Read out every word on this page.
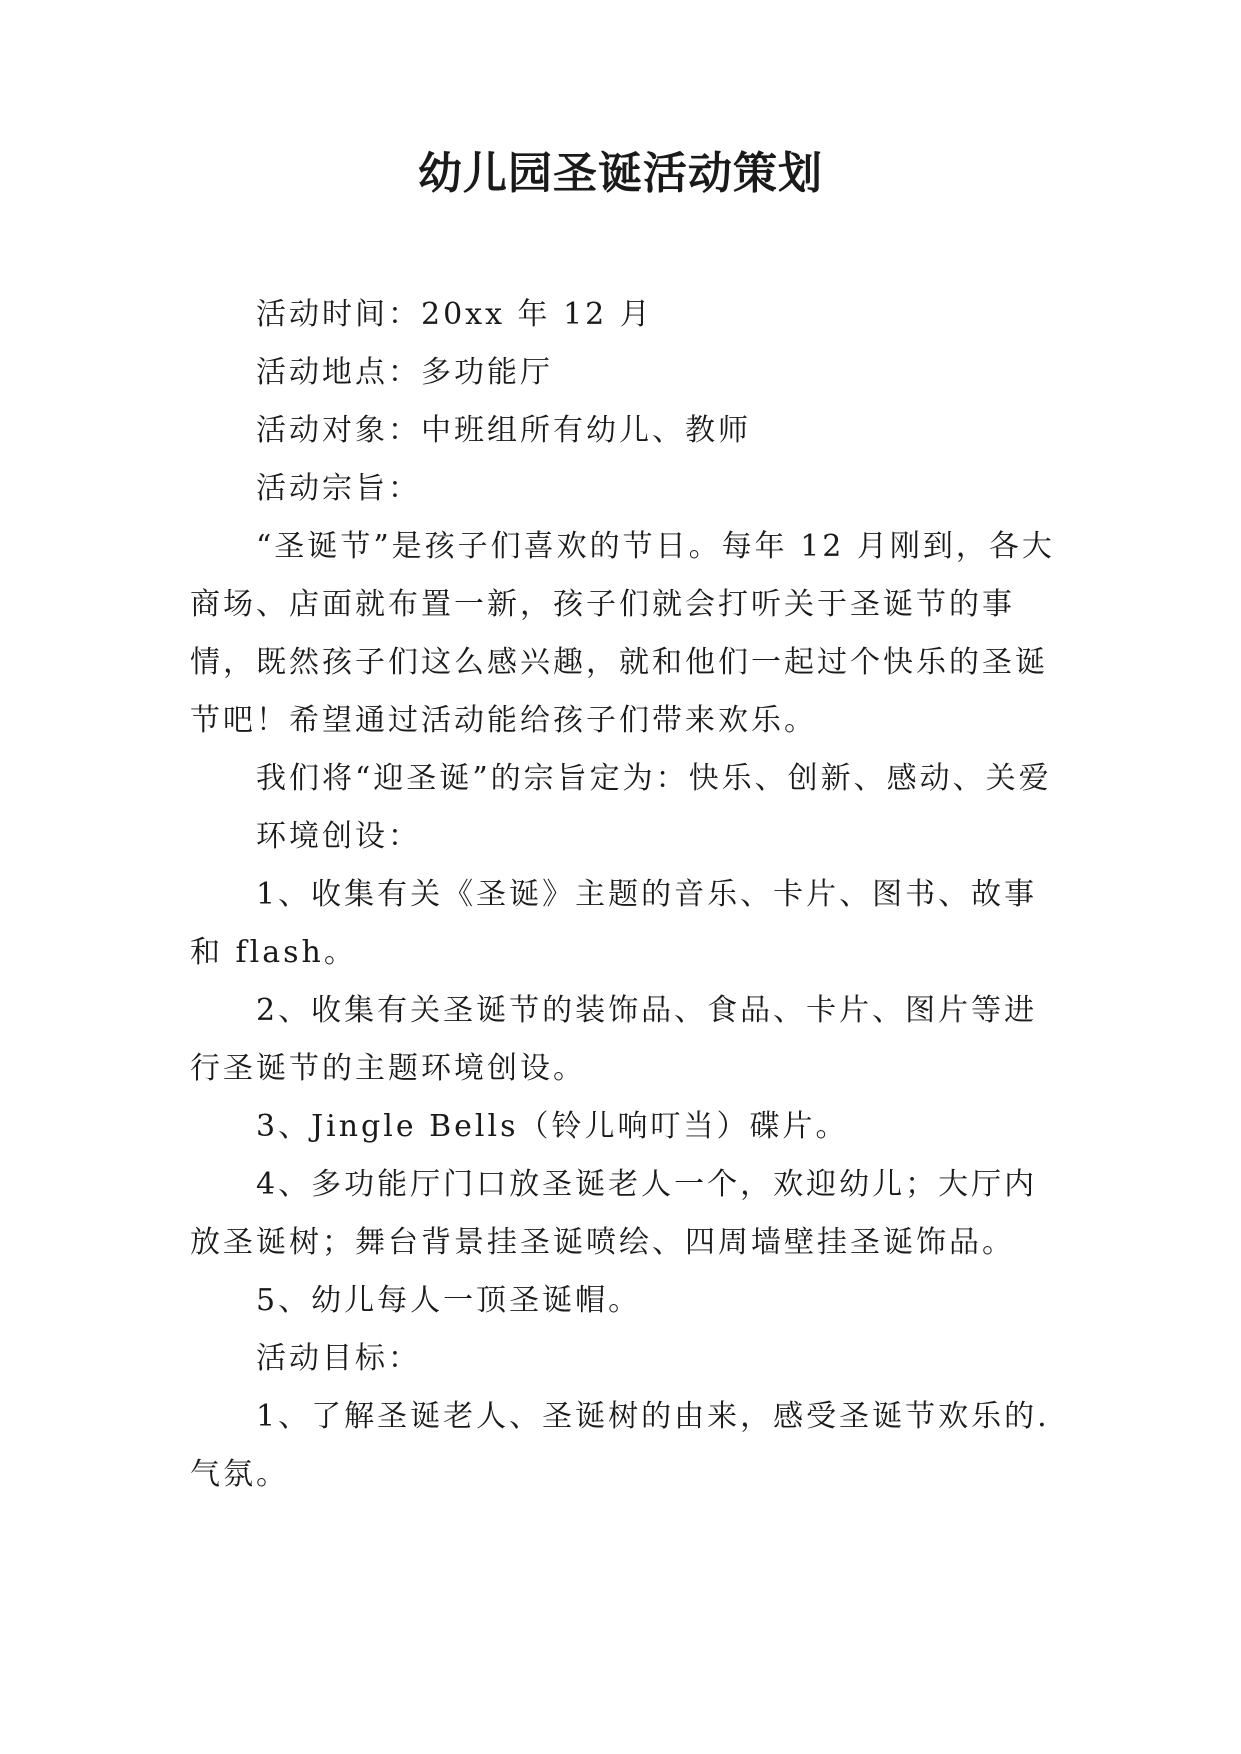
幼儿园圣诞活动策划

活动时间：20xx 年 12 月

活动地点：多功能厅

活动对象：中班组所有幼儿、教师

活动宗旨：

“圣诞节”是孩子们喜欢的节日。每年 12 月刚到，各大商场、店面就布置一新，孩子们就会打听关于圣诞节的事情，既然孩子们这么感兴趣，就和他们一起过个快乐的圣诞节吧！希望通过活动能给孩子们带来欢乐。

我们将“迎圣诞”的宗旨定为：快乐、创新、感动、关爱

环境创设：

1、收集有关《圣诞》主题的音乐、卡片、图书、故事和 flash。

2、收集有关圣诞节的装饰品、食品、卡片、图片等进行圣诞节的主题环境创设。

3、Jingle Bells（铃儿响叮当）碟片。

4、多功能厅门口放圣诞老人一个，欢迎幼儿；大厅内放圣诞树；舞台背景挂圣诞喷绘、四周墙壁挂圣诞饰品。

5、幼儿每人一顶圣诞帽。

活动目标：

1、了解圣诞老人、圣诞树的由来，感受圣诞节欢乐的.气氛。
